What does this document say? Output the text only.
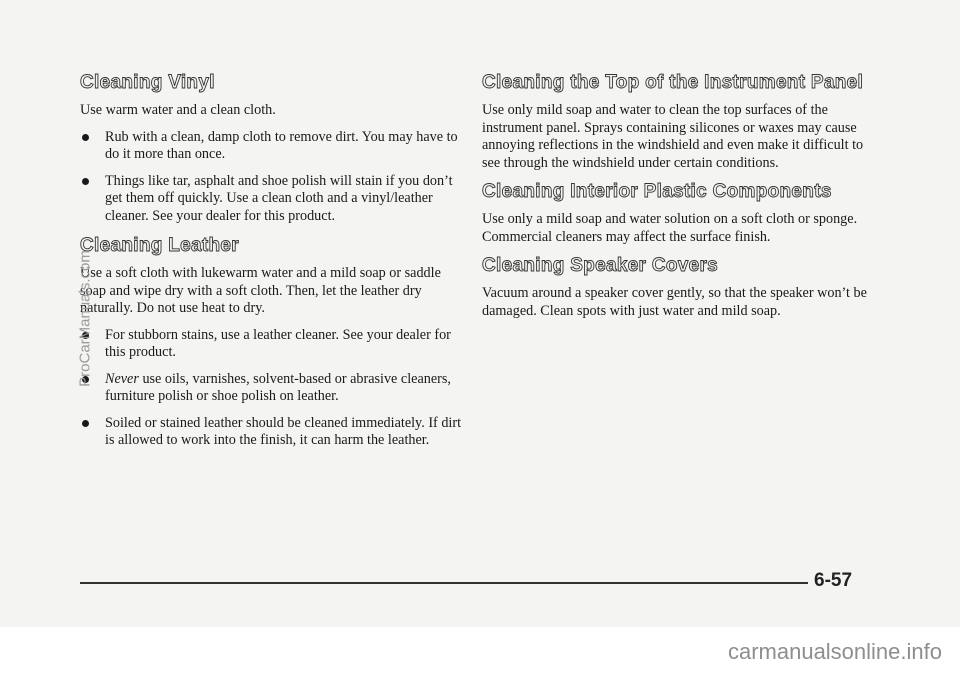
Cleaning Vinyl

Use warm water and a clean cloth.

Rub with a clean, damp cloth to remove dirt. You may have to do it more than once.
Things like tar, asphalt and shoe polish will stain if you don’t get them off quickly. Use a clean cloth and a vinyl/leather cleaner. See your dealer for this product.
Cleaning Leather

Use a soft cloth with lukewarm water and a mild soap or saddle soap and wipe dry with a soft cloth. Then, let the leather dry naturally. Do not use heat to dry.

For stubborn stains, use a leather cleaner. See your dealer for this product.
Never use oils, varnishes, solvent-based or abrasive cleaners, furniture polish or shoe polish on leather.
Soiled or stained leather should be cleaned immediately. If dirt is allowed to work into the finish, it can harm the leather.
Cleaning the Top of the Instrument Panel

Use only mild soap and water to clean the top surfaces of the instrument panel. Sprays containing silicones or waxes may cause annoying reflections in the windshield and even make it difficult to see through the windshield under certain conditions.

Cleaning Interior Plastic Components

Use only a mild soap and water solution on a soft cloth or sponge. Commercial cleaners may affect the surface finish.

Cleaning Speaker Covers

Vacuum around a speaker cover gently, so that the speaker won’t be damaged. Clean spots with just water and mild soap.

6-57
ProCarManuals.com
carmanualsonline.info
